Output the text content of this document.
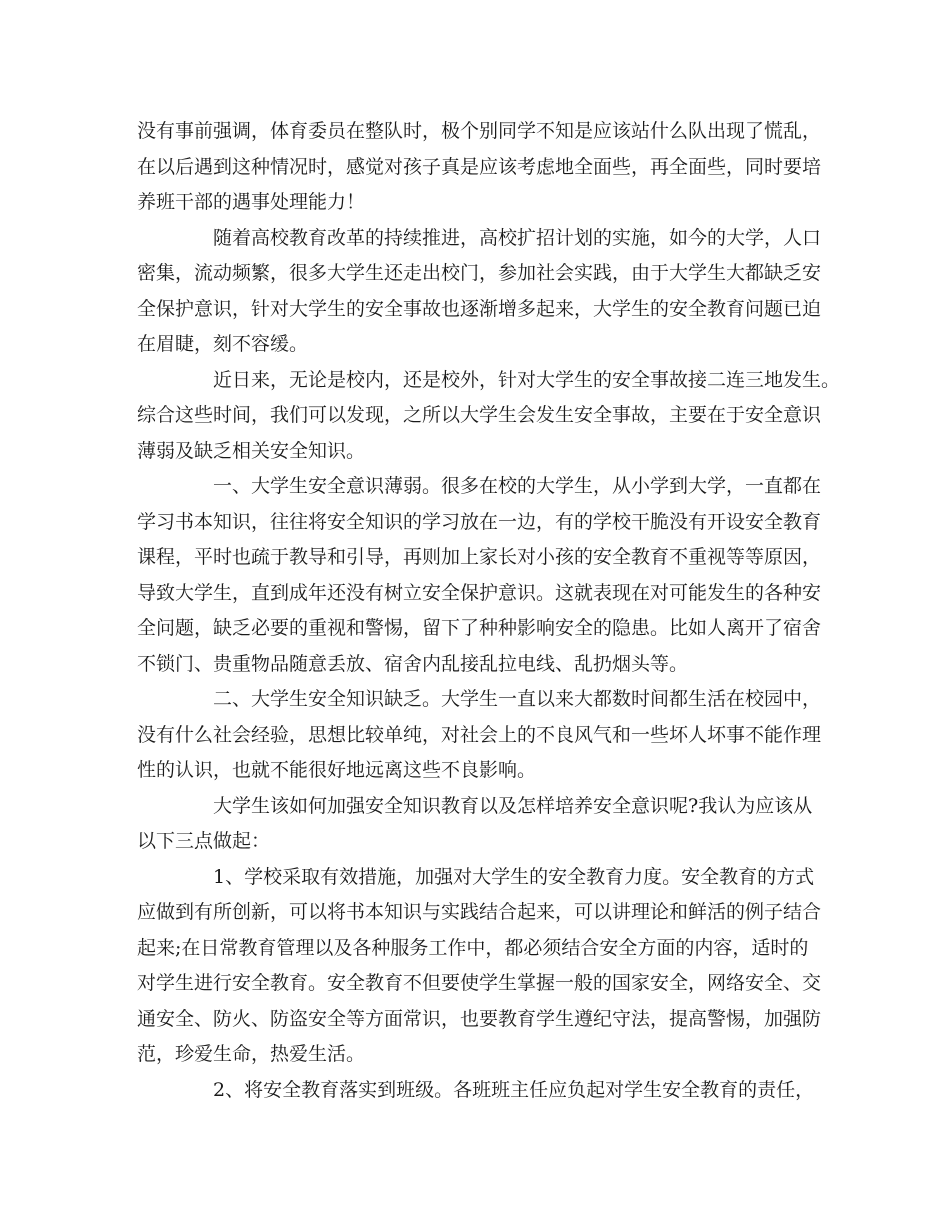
没有事前强调，体育委员在整队时，极个别同学不知是应该站什么队出现了慌乱，
在以后遇到这种情况时，感觉对孩子真是应该考虑地全面些，再全面些，同时要培
养班干部的遇事处理能力！
随着高校教育改革的持续推进，高校扩招计划的实施，如今的大学，人口
密集，流动频繁，很多大学生还走出校门，参加社会实践，由于大学生大都缺乏安
全保护意识，针对大学生的安全事故也逐渐增多起来，大学生的安全教育问题已迫
在眉睫，刻不容缓。
近日来，无论是校内，还是校外，针对大学生的安全事故接二连三地发生。
综合这些时间，我们可以发现，之所以大学生会发生安全事故，主要在于安全意识
薄弱及缺乏相关安全知识。
一、大学生安全意识薄弱。很多在校的大学生，从小学到大学，一直都在
学习书本知识，往往将安全知识的学习放在一边，有的学校干脆没有开设安全教育
课程，平时也疏于教导和引导，再则加上家长对小孩的安全教育不重视等等原因，
导致大学生，直到成年还没有树立安全保护意识。这就表现在对可能发生的各种安
全问题，缺乏必要的重视和警惕，留下了种种影响安全的隐患。比如人离开了宿舍
不锁门、贵重物品随意丢放、宿舍内乱接乱拉电线、乱扔烟头等。
二、大学生安全知识缺乏。大学生一直以来大都数时间都生活在校园中，
没有什么社会经验，思想比较单纯，对社会上的不良风气和一些坏人坏事不能作理
性的认识，也就不能很好地远离这些不良影响。
大学生该如何加强安全知识教育以及怎样培养安全意识呢?我认为应该从
以下三点做起：
1、学校采取有效措施，加强对大学生的安全教育力度。安全教育的方式
应做到有所创新，可以将书本知识与实践结合起来，可以讲理论和鲜活的例子结合
起来;在日常教育管理以及各种服务工作中，都必须结合安全方面的内容，适时的
对学生进行安全教育。安全教育不但要使学生掌握一般的国家安全，网络安全、交
通安全、防火、防盗安全等方面常识，也要教育学生遵纪守法，提高警惕，加强防
范，珍爱生命，热爱生活。
2、将安全教育落实到班级。各班班主任应负起对学生安全教育的责任，
